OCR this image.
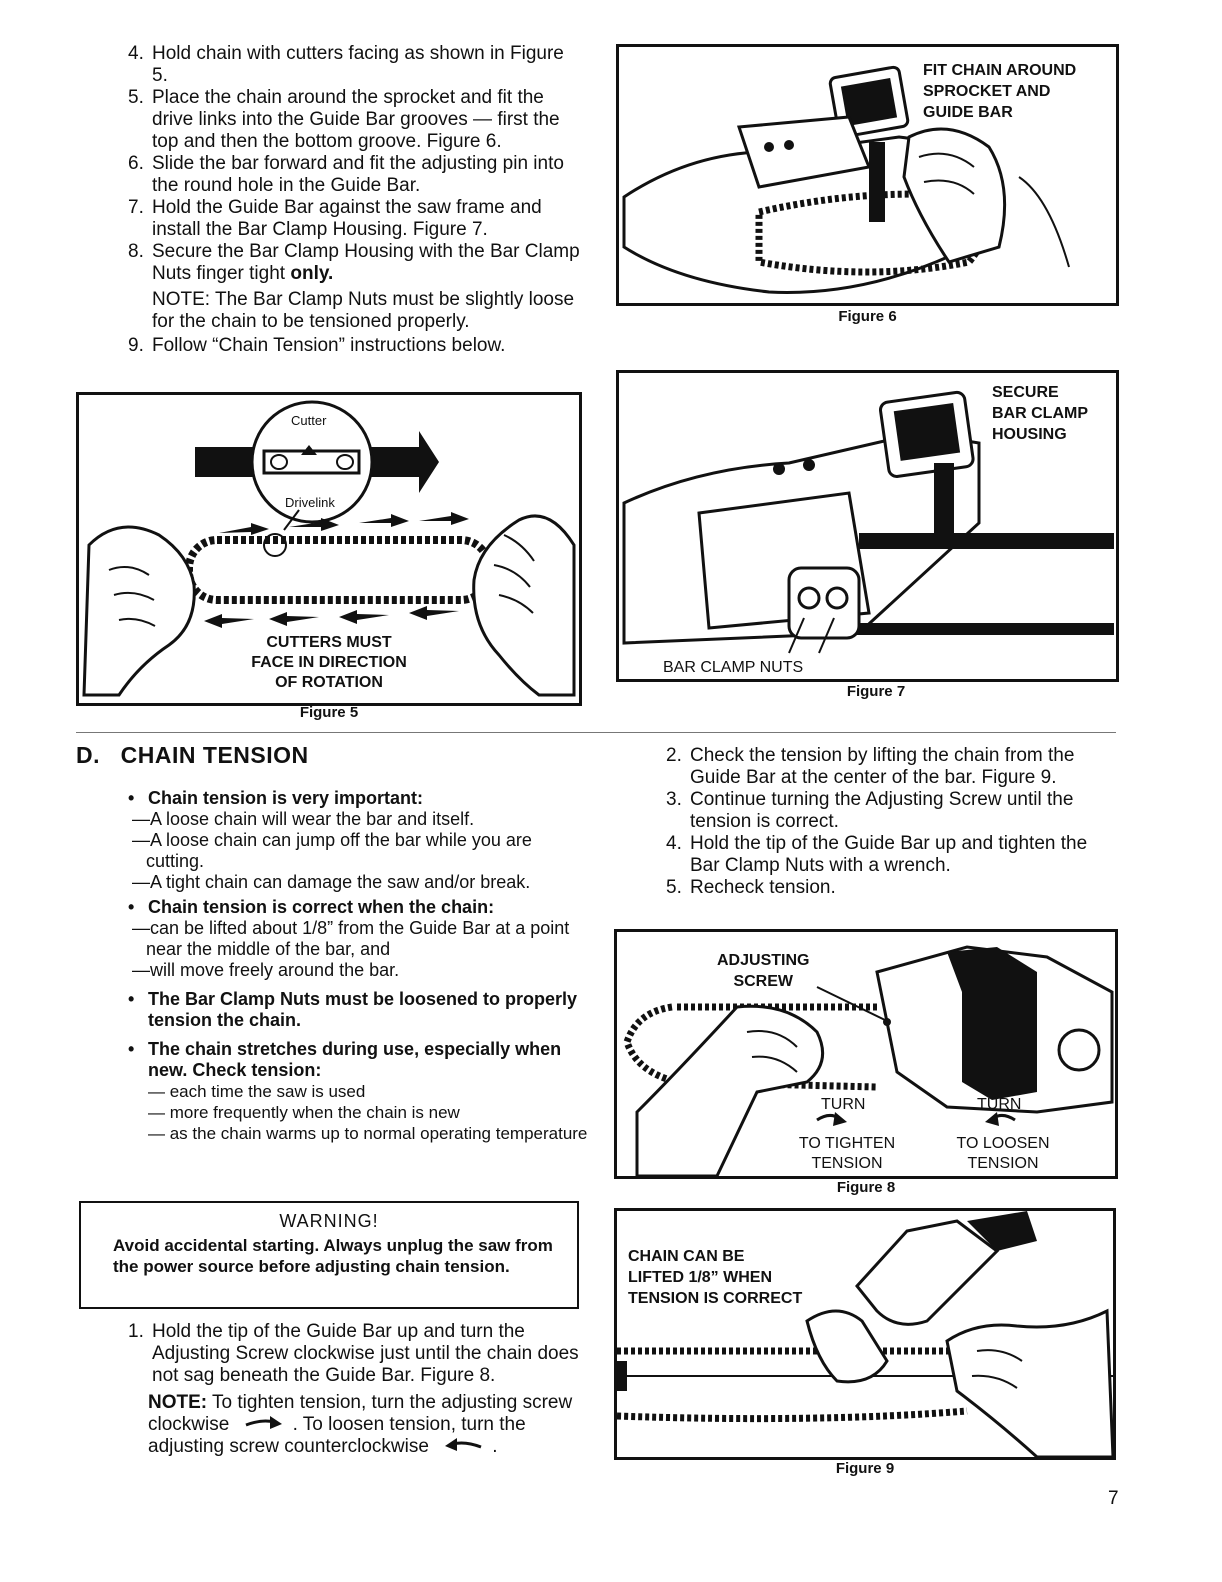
4. Hold chain with cutters facing as shown in Figure 5.
5. Place the chain around the sprocket and fit the drive links into the Guide Bar grooves — first the top and then the bottom groove. Figure 6.
6. Slide the bar forward and fit the adjusting pin into the round hole in the Guide Bar.
7. Hold the Guide Bar against the saw frame and install the Bar Clamp Housing. Figure 7.
8. Secure the Bar Clamp Housing with the Bar Clamp Nuts finger tight only.
NOTE: The Bar Clamp Nuts must be slightly loose for the chain to be tensioned properly.
9. Follow “Chain Tension” instructions below.
Cutter
Drivelink
CUTTERS MUST
FACE IN DIRECTION
OF ROTATION
Figure 5
FIT CHAIN AROUND
SPROCKET AND
GUIDE BAR
Figure 6
SECURE
BAR CLAMP
HOUSING
BAR CLAMP NUTS
Figure 7
D. CHAIN TENSION
• Chain tension is very important:
—A loose chain will wear the bar and itself.
—A loose chain can jump off the bar while you are cutting.
—A tight chain can damage the saw and/or break.
• Chain tension is correct when the chain:
—can be lifted about 1/8” from the Guide Bar at a point near the middle of the bar, and
—will move freely around the bar.
• The Bar Clamp Nuts must be loosened to properly tension the chain.
• The chain stretches during use, especially when new. Check tension:
— each time the saw is used
— more frequently when the chain is new
— as the chain warms up to normal operating temperature
WARNING!
Avoid accidental starting. Always unplug the saw from the power source before adjusting chain tension.
1. Hold the tip of the Guide Bar up and turn the Adjusting Screw clockwise just until the chain does not sag beneath the Guide Bar. Figure 8.
NOTE: To tighten tension, turn the adjusting screw clockwise	. To loosen tension, turn the adjusting screw counterclockwise	.
2. Check the tension by lifting the chain from the Guide Bar at the center of the bar. Figure 9.
3. Continue turning the Adjusting Screw until the tension is correct.
4. Hold the tip of the Guide Bar up and tighten the Bar Clamp Nuts with a wrench.
5. Recheck tension.
ADJUSTING
SCREW
TURN	TURN
TO TIGHTEN
TENSION
TO LOOSEN
TENSION
Figure 8
CHAIN CAN BE
LIFTED 1/8” WHEN
TENSION IS CORRECT
Figure 9
7
